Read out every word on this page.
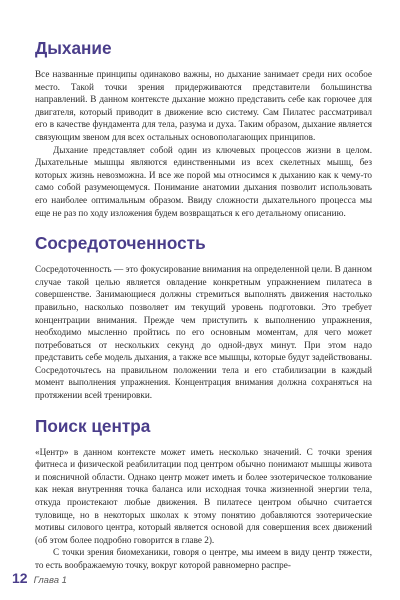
Дыхание

Все названные принципы одинаково важны, но дыхание занимает среди них особое место. Такой точки зрения придерживаются представители большинства направлений. В данном контексте дыхание можно представить себе как горючее для двигателя, который приводит в движение всю систему. Сам Пилатес рассматривал его в качестве фундамента для тела, разума и духа. Таким образом, дыхание является связующим звеном для всех остальных основополагающих принципов.

Дыхание представляет собой один из ключевых процессов жизни в целом. Дыхательные мышцы являются единственными из всех скелетных мышц, без которых жизнь невозможна. И все же порой мы относимся к дыханию как к чему-то само собой разумеющемуся. Понимание анатомии дыхания позволит использовать его наиболее оптимальным образом. Ввиду сложности дыхательного процесса мы еще не раз по ходу изложения будем возвращаться к его детальному описанию.

Сосредоточенность

Сосредоточенность — это фокусирование внимания на определенной цели. В данном случае такой целью является овладение конкретным упражнением пилатеса в совершенстве. Занимающиеся должны стремиться выполнять движения настолько правильно, насколько позволяет им текущий уровень подготовки. Это требует концентрации внимания. Прежде чем приступить к выполнению упражнения, необходимо мысленно пройтись по его основным моментам, для чего может потребоваться от нескольких секунд до одной-двух минут. При этом надо представить себе модель дыхания, а также все мышцы, которые будут задействованы. Сосредоточьтесь на правильном положении тела и его стабилизации в каждый момент выполнения упражнения. Концентрация внимания должна сохраняться на протяжении всей тренировки.

Поиск центра

«Центр» в данном контексте может иметь несколько значений. С точки зрения фитнеса и физической реабилитации под центром обычно понимают мышцы живота и поясничной области. Однако центр может иметь и более эзотерическое толкование как некая внутренняя точка баланса или исходная точка жизненной энергии тела, откуда проистекают любые движения. В пилатесе центром обычно считается туловище, но в некоторых школах к этому понятию добавляются эзотерические мотивы силового центра, который является основой для совершения всех движений (об этом более подробно говорится в главе 2).

С точки зрения биомеханики, говоря о центре, мы имеем в виду центр тяжести, то есть воображаемую точку, вокруг которой равномерно распре-

12 Глава 1
